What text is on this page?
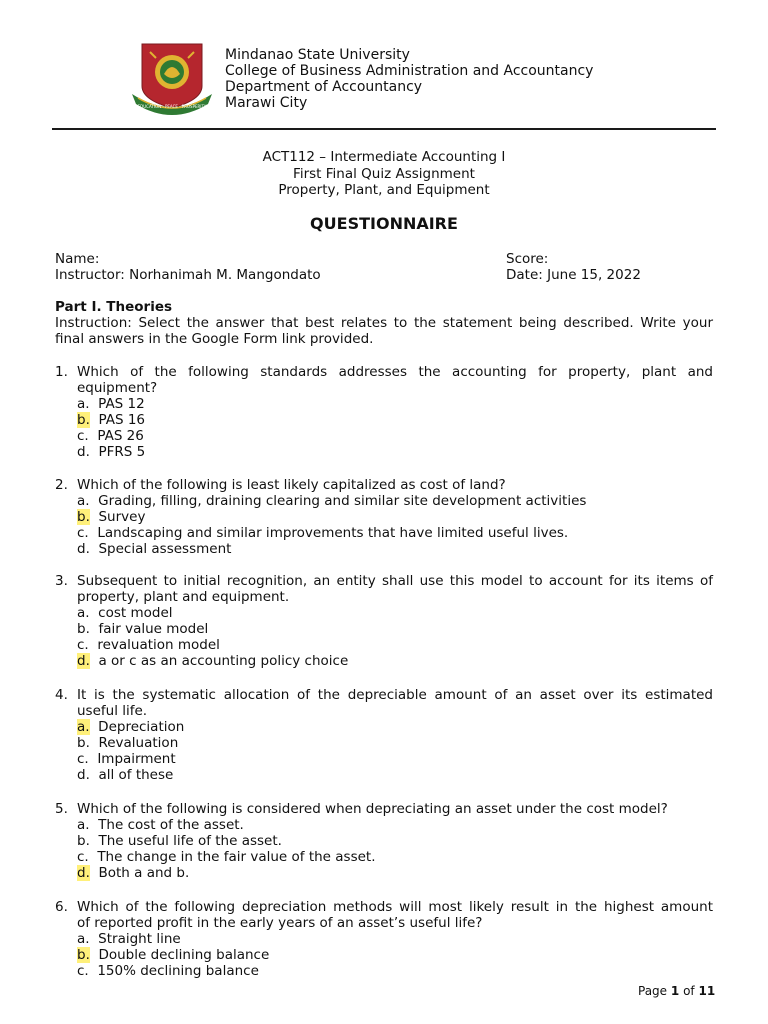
EDUCATION · PEACE · PROSPERITY
Mindanao State University
College of Business Administration and Accountancy
Department of Accountancy
Marawi City
ACT112 – Intermediate Accounting I
First Final Quiz Assignment
Property, Plant, and Equipment
QUESTIONNAIRE
Name:	Score:
Instructor: Norhanimah M. Mangondato	Date: June 15, 2022
Part I. Theories
Instruction: Select the answer that best relates to the statement being described. Write your
final answers in the Google Form link provided.
1. Which of the following standards addresses the accounting for property, plant and
equipment?
a. PAS 12
b. PAS 16
c. PAS 26
d. PFRS 5
2. Which of the following is least likely capitalized as cost of land?
a. Grading, filling, draining clearing and similar site development activities
b. Survey
c. Landscaping and similar improvements that have limited useful lives.
d. Special assessment
3. Subsequent to initial recognition, an entity shall use this model to account for its items of
property, plant and equipment.
a. cost model
b. fair value model
c. revaluation model
d. a or c as an accounting policy choice
4. It is the systematic allocation of the depreciable amount of an asset over its estimated
useful life.
a. Depreciation
b. Revaluation
c. Impairment
d. all of these
5. Which of the following is considered when depreciating an asset under the cost model?
a. The cost of the asset.
b. The useful life of the asset.
c. The change in the fair value of the asset.
d. Both a and b.
6. Which of the following depreciation methods will most likely result in the highest amount
of reported profit in the early years of an asset’s useful life?
a. Straight line
b. Double declining balance
c. 150% declining balance
Page 1 of 11
